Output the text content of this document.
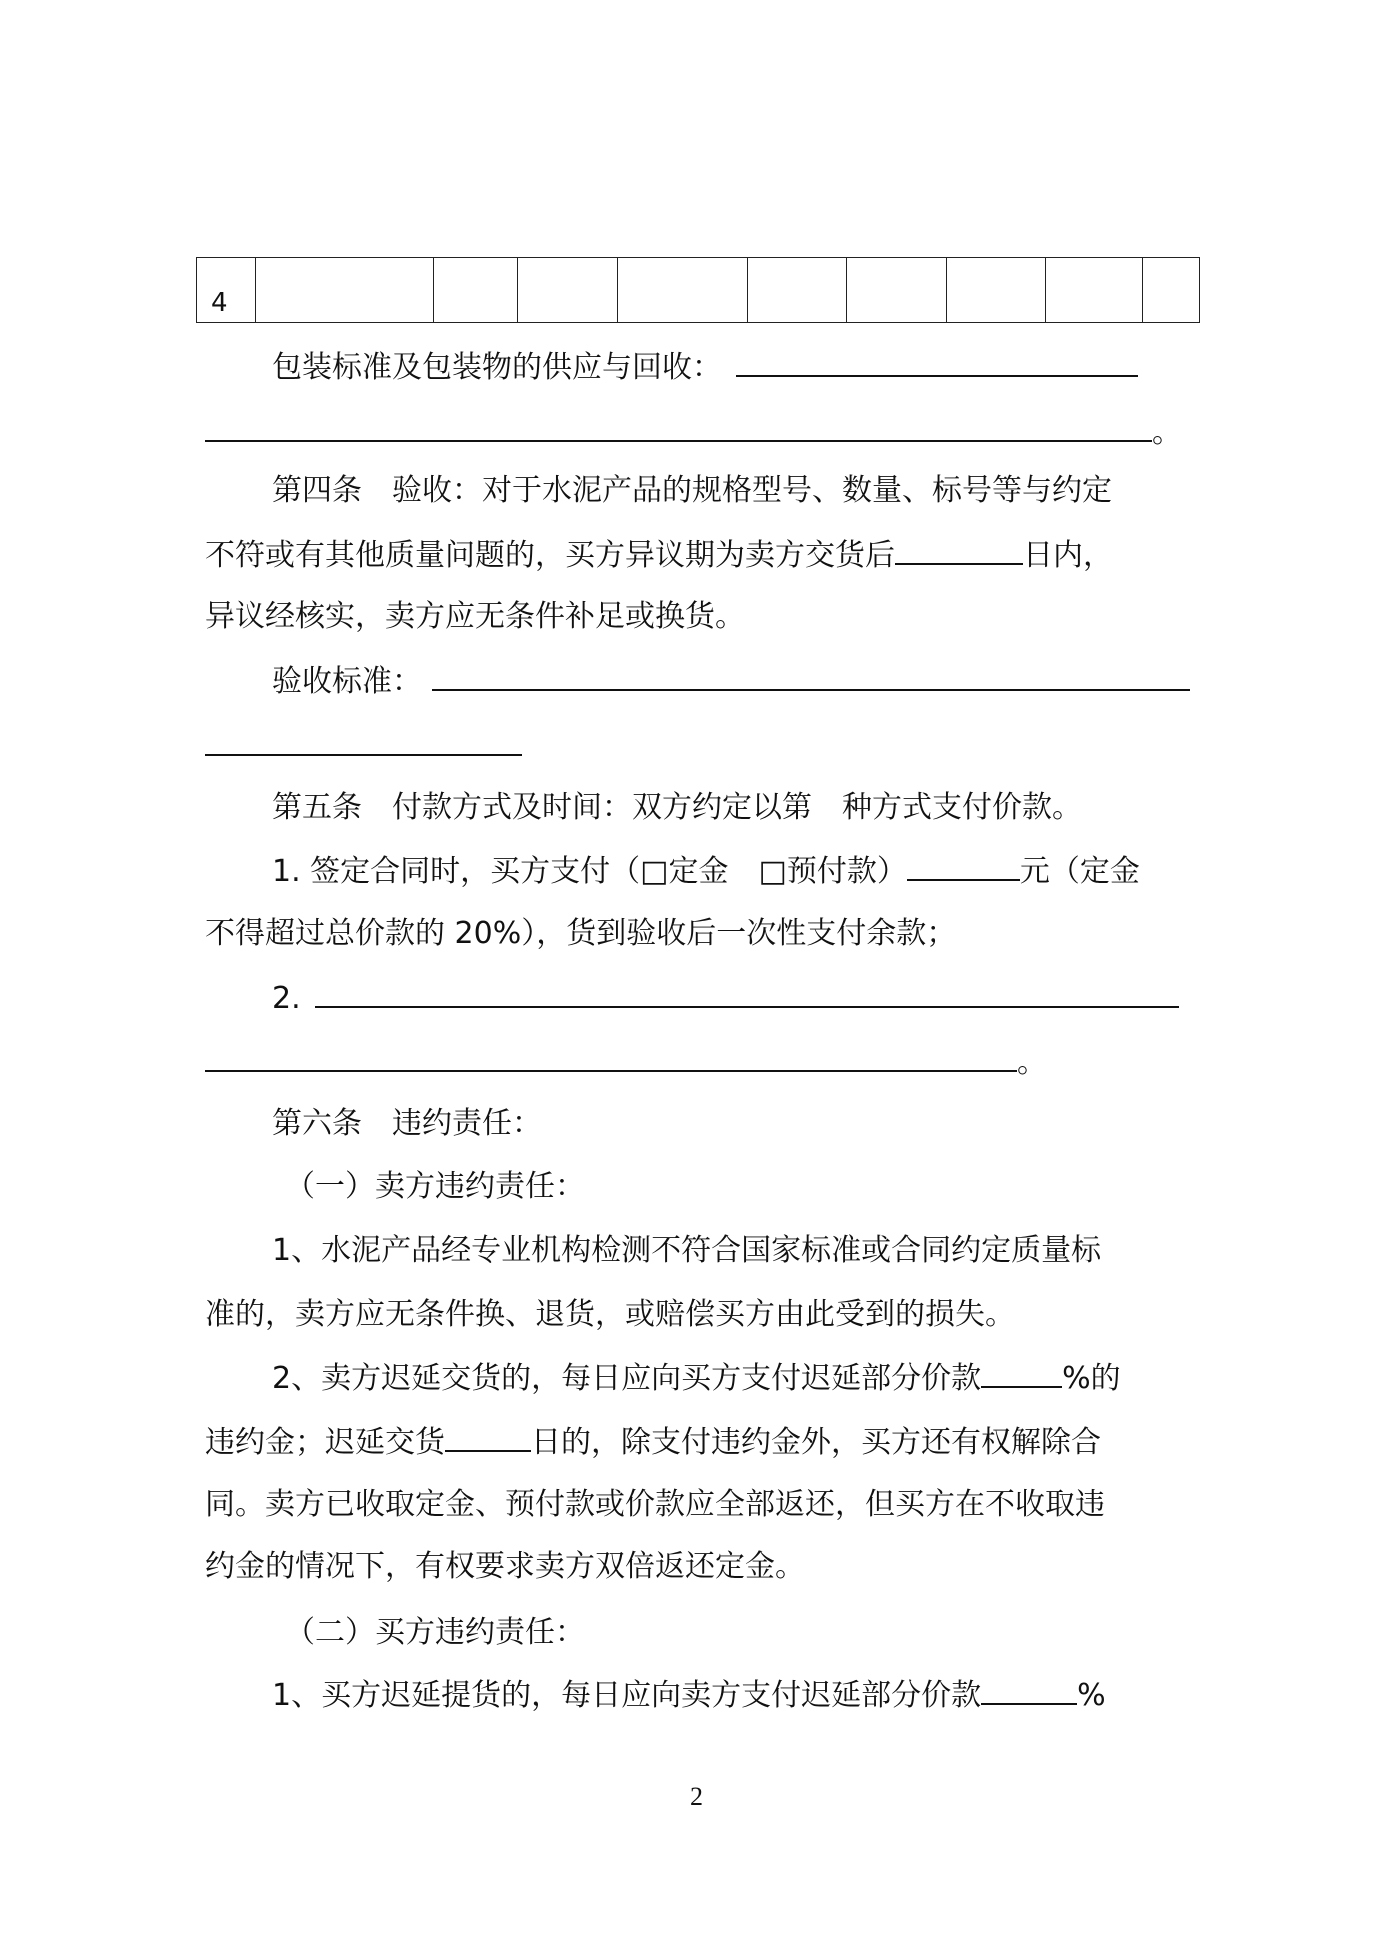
4									
包装标准及包装物的供应与回收：
。
第四条　验收：对于水泥产品的规格型号、数量、标号等与约定
不符或有其他质量问题的，买方异议期为卖方交货后	日内，
异议经核实，卖方应无条件补足或换货。
验收标准：
第五条　付款方式及时间：双方约定以第　种方式支付价款。
1. 签定合同时，买方支付（□定金　□预付款）	元（定金
不得超过总价款的 20%），货到验收后一次性支付余款；
2.
。
第六条　违约责任：
（一）卖方违约责任：
1、水泥产品经专业机构检测不符合国家标准或合同约定质量标
准的，卖方应无条件换、退货，或赔偿买方由此受到的损失。
2、卖方迟延交货的，每日应向买方支付迟延部分价款	%的
违约金；迟延交货	日的，除支付违约金外，买方还有权解除合
同。卖方已收取定金、预付款或价款应全部返还，但买方在不收取违
约金的情况下，有权要求卖方双倍返还定金。
（二）买方违约责任：
1、买方迟延提货的，每日应向卖方支付迟延部分价款	%
2
